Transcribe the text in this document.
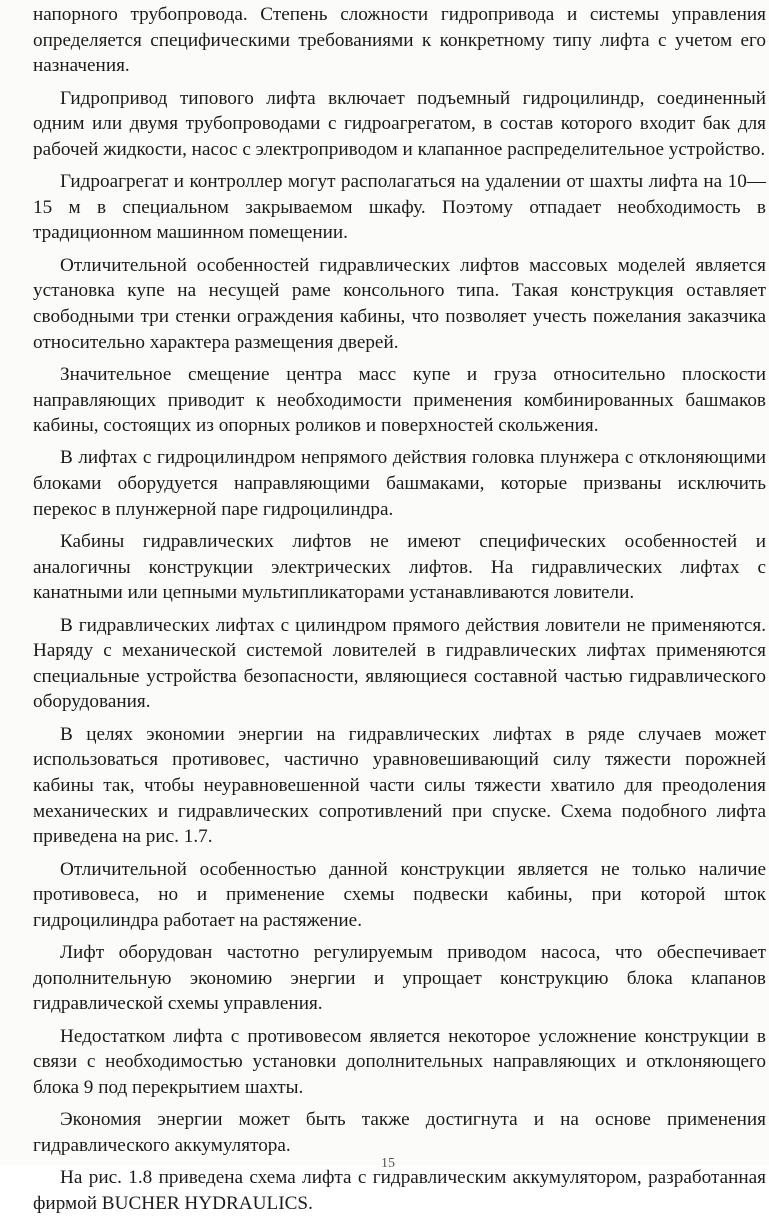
напорного трубопровода. Степень сложности гидропривода и системы управления определяется специфическими требованиями к конкретному типу лифта с учетом его назначения.

Гидропривод типового лифта включает подъемный гидроцилиндр, соединенный одним или двумя трубопроводами с гидроагрегатом, в состав которого входит бак для рабочей жидкости, насос с электроприводом и клапанное распределительное устройство.

Гидроагрегат и контроллер могут располагаться на удалении от шахты лифта на 10—15 м в специальном закрываемом шкафу. Поэтому отпадает необходимость в традиционном машинном помещении.

Отличительной особенностей гидравлических лифтов массовых моделей является установка купе на несущей раме консольного типа. Такая конструкция оставляет свободными три стенки ограждения кабины, что позволяет учесть пожелания заказчика относительно характера размещения дверей.

Значительное смещение центра масс купе и груза относительно плоскости направляющих приводит к необходимости применения комбинированных башмаков кабины, состоящих из опорных роликов и поверхностей скольжения.

В лифтах с гидроцилиндром непрямого действия головка плунжера с отклоняющими блоками оборудуется направляющими башмаками, которые призваны исключить перекос в плунжерной паре гидроцилиндра.

Кабины гидравлических лифтов не имеют специфических особенностей и аналогичны конструкции электрических лифтов. На гидравлических лифтах с канатными или цепными мультипликаторами устанавливаются ловители.

В гидравлических лифтах с цилиндром прямого действия ловители не применяются. Наряду с механической системой ловителей в гидравлических лифтах применяются специальные устройства безопасности, являющиеся составной частью гидравлического оборудования.

В целях экономии энергии на гидравлических лифтах в ряде случаев может использоваться противовес, частично уравновешивающий силу тяжести порожней кабины так, чтобы неуравновешенной части силы тяжести хватило для преодоления механических и гидравлических сопротивлений при спуске. Схема подобного лифта приведена на рис. 1.7.

Отличительной особенностью данной конструкции является не только наличие противовеса, но и применение схемы подвески кабины, при которой шток гидроцилиндра работает на растяжение.

Лифт оборудован частотно регулируемым приводом насоса, что обеспечивает дополнительную экономию энергии и упрощает конструкцию блока клапанов гидравлической схемы управления.

Недостатком лифта с противовесом является некоторое усложнение конструкции в связи с необходимостью установки дополнительных направляющих и отклоняющего блока 9 под перекрытием шахты.

Экономия энергии может быть также достигнута и на основе применения гидравлического аккумулятора.

На рис. 1.8 приведена схема лифта с гидравлическим аккумулятором, разработанная фирмой BUCHER HYDRAULICS.

15
